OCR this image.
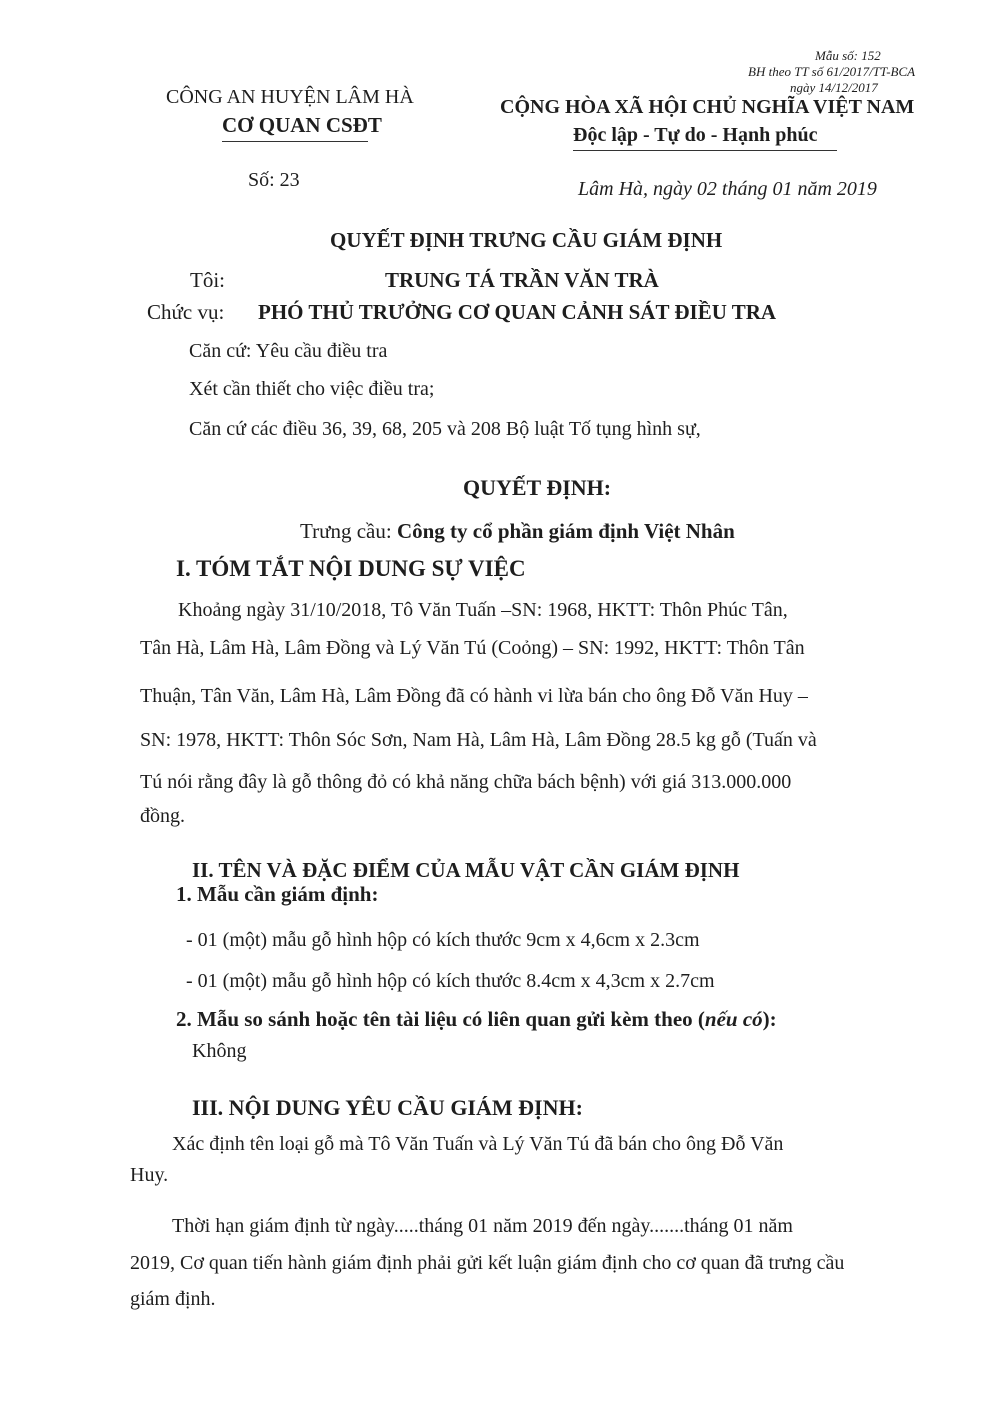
Mẫu số: 152
BH theo TT số 61/2017/TT-BCA
ngày 14/12/2017
CÔNG AN HUYỆN LÂM HÀ
CƠ QUAN CSĐT
Số: 23
CỘNG HÒA XÃ HỘI CHỦ NGHĨA VIỆT NAM
Độc lập - Tự do - Hạnh phúc
Lâm Hà, ngày 02 tháng 01 năm 2019
QUYẾT ĐỊNH TRƯNG CẦU GIÁM ĐỊNH
Tôi:	TRUNG TÁ TRẦN VĂN TRÀ
Chức vụ: PHÓ THỦ TRƯỞNG CƠ QUAN CẢNH SÁT ĐIỀU TRA
Căn cứ: Yêu cầu điều tra
Xét cần thiết cho việc điều tra;
Căn cứ các điều 36, 39, 68, 205 và 208 Bộ luật Tố tụng hình sự,
QUYẾT ĐỊNH:
Trưng cầu: Công ty cổ phần giám định Việt Nhân
I. TÓM TẮT NỘI DUNG SỰ VIỆC
Khoảng ngày 31/10/2018, Tô Văn Tuấn –SN: 1968, HKTT: Thôn Phúc Tân,
Tân Hà, Lâm Hà, Lâm Đồng và Lý Văn Tú (Coỏng) – SN: 1992, HKTT: Thôn Tân
Thuận, Tân Văn, Lâm Hà, Lâm Đồng đã có hành vi lừa bán cho ông Đỗ Văn Huy –
SN: 1978, HKTT: Thôn Sóc Sơn, Nam Hà, Lâm Hà, Lâm Đồng 28.5 kg gỗ (Tuấn và
Tú nói rằng đây là gỗ thông đỏ có khả năng chữa bách bệnh) với giá 313.000.000
đồng.
II. TÊN VÀ ĐẶC ĐIỂM CỦA MẪU VẬT CẦN GIÁM ĐỊNH
1. Mẫu cần giám định:
- 01 (một) mẫu gỗ hình hộp có kích thước 9cm x 4,6cm x 2.3cm
- 01 (một) mẫu gỗ hình hộp có kích thước 8.4cm x 4,3cm x 2.7cm
2. Mẫu so sánh hoặc tên tài liệu có liên quan gửi kèm theo (nếu có):
Không
III. NỘI DUNG YÊU CẦU GIÁM ĐỊNH:
Xác định tên loại gỗ mà Tô Văn Tuấn và Lý Văn Tú đã bán cho ông Đỗ Văn
Huy.
Thời hạn giám định từ ngày.....tháng 01 năm 2019 đến ngày.......tháng 01 năm
2019, Cơ quan tiến hành giám định phải gửi kết luận giám định cho cơ quan đã trưng cầu
giám định.
